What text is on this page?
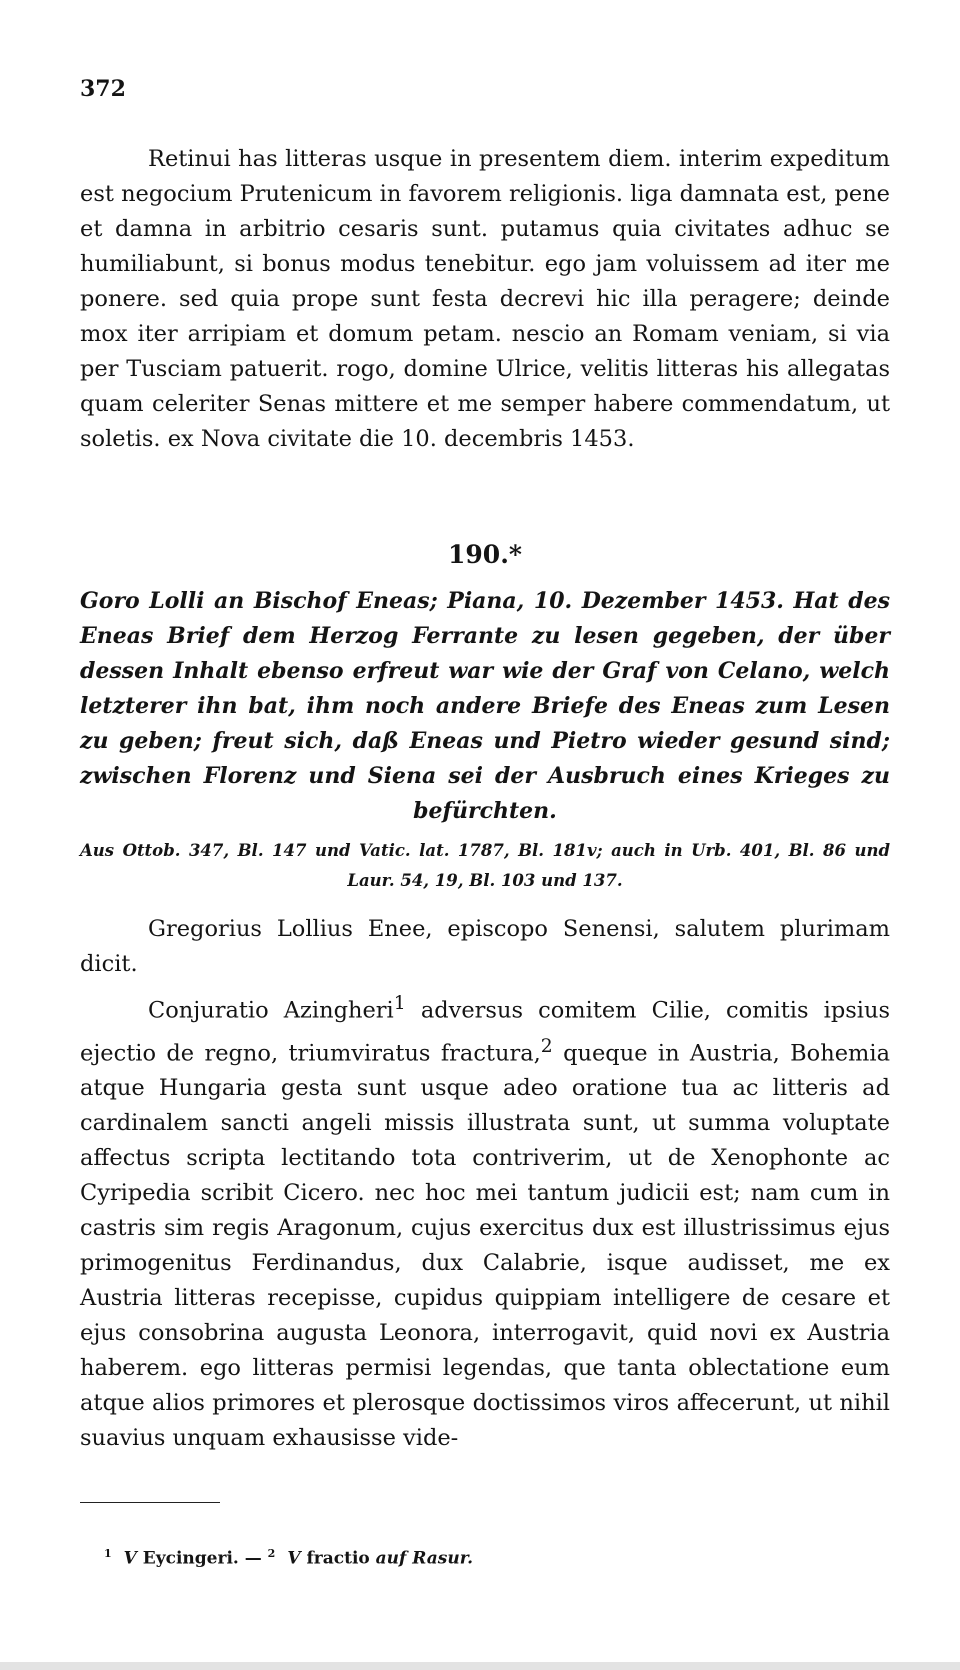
372

Retinui has litteras usque in presentem diem. interim expeditum est negocium Prutenicum in favorem religionis. liga damnata est, pene et damna in arbitrio cesaris sunt. putamus quia civitates adhuc se humiliabunt, si bonus modus tenebitur. ego jam voluissem ad iter me ponere. sed quia prope sunt festa decrevi hic illa peragere; deinde mox iter arripiam et domum petam. nescio an Romam veniam, si via per Tusciam patuerit. rogo, domine Ulrice, velitis litteras his allegatas quam celeriter Senas mittere et me semper habere commendatum, ut soletis. ex Nova civitate die 10. decembris 1453.

190.*

Goro Lolli an Bischof Eneas; Piana, 10. Dezember 1453. Hat des Eneas Brief dem Herzog Ferrante zu lesen gegeben, der über dessen Inhalt ebenso erfreut war wie der Graf von Celano, welch letzterer ihn bat, ihm noch andere Briefe des Eneas zum Lesen zu geben; freut sich, daß Eneas und Pietro wieder gesund sind; zwischen Florenz und Siena sei der Ausbruch eines Krieges zu befürchten.

Aus Ottob. 347, Bl. 147 und Vatic. lat. 1787, Bl. 181v; auch in Urb. 401, Bl. 86 und Laur. 54, 19, Bl. 103 und 137.

Gregorius Lollius Enee, episcopo Senensi, salutem plurimam dicit.

Conjuratio Azingheri$^1$ adversus comitem Cilie, comitis ipsius ejectio de regno, triumviratus fractura,$^2$ queque in Austria, Bohemia atque Hungaria gesta sunt usque adeo oratione tua ac litteris ad cardinalem sancti angeli missis illustrata sunt, ut summa voluptate affectus scripta lectitando tota contriverim, ut de Xenophonte ac Cyripedia scribit Cicero. nec hoc mei tantum judicii est; nam cum in castris sim regis Aragonum, cujus exercitus dux est illustrissimus ejus primogenitus Ferdinandus, dux Calabrie, isque audisset, me ex Austria litteras recepisse, cupidus quippiam intelligere de cesare et ejus consobrina augusta Leonora, interrogavit, quid novi ex Austria haberem. ego litteras permisi legendas, que tanta oblectatione eum atque alios primores et plerosque doctissimos viros affecerunt, ut nihil suavius unquam exhausisse vide-

$^1$ V Eycingeri. — $^2$ V fractio auf Rasur.
